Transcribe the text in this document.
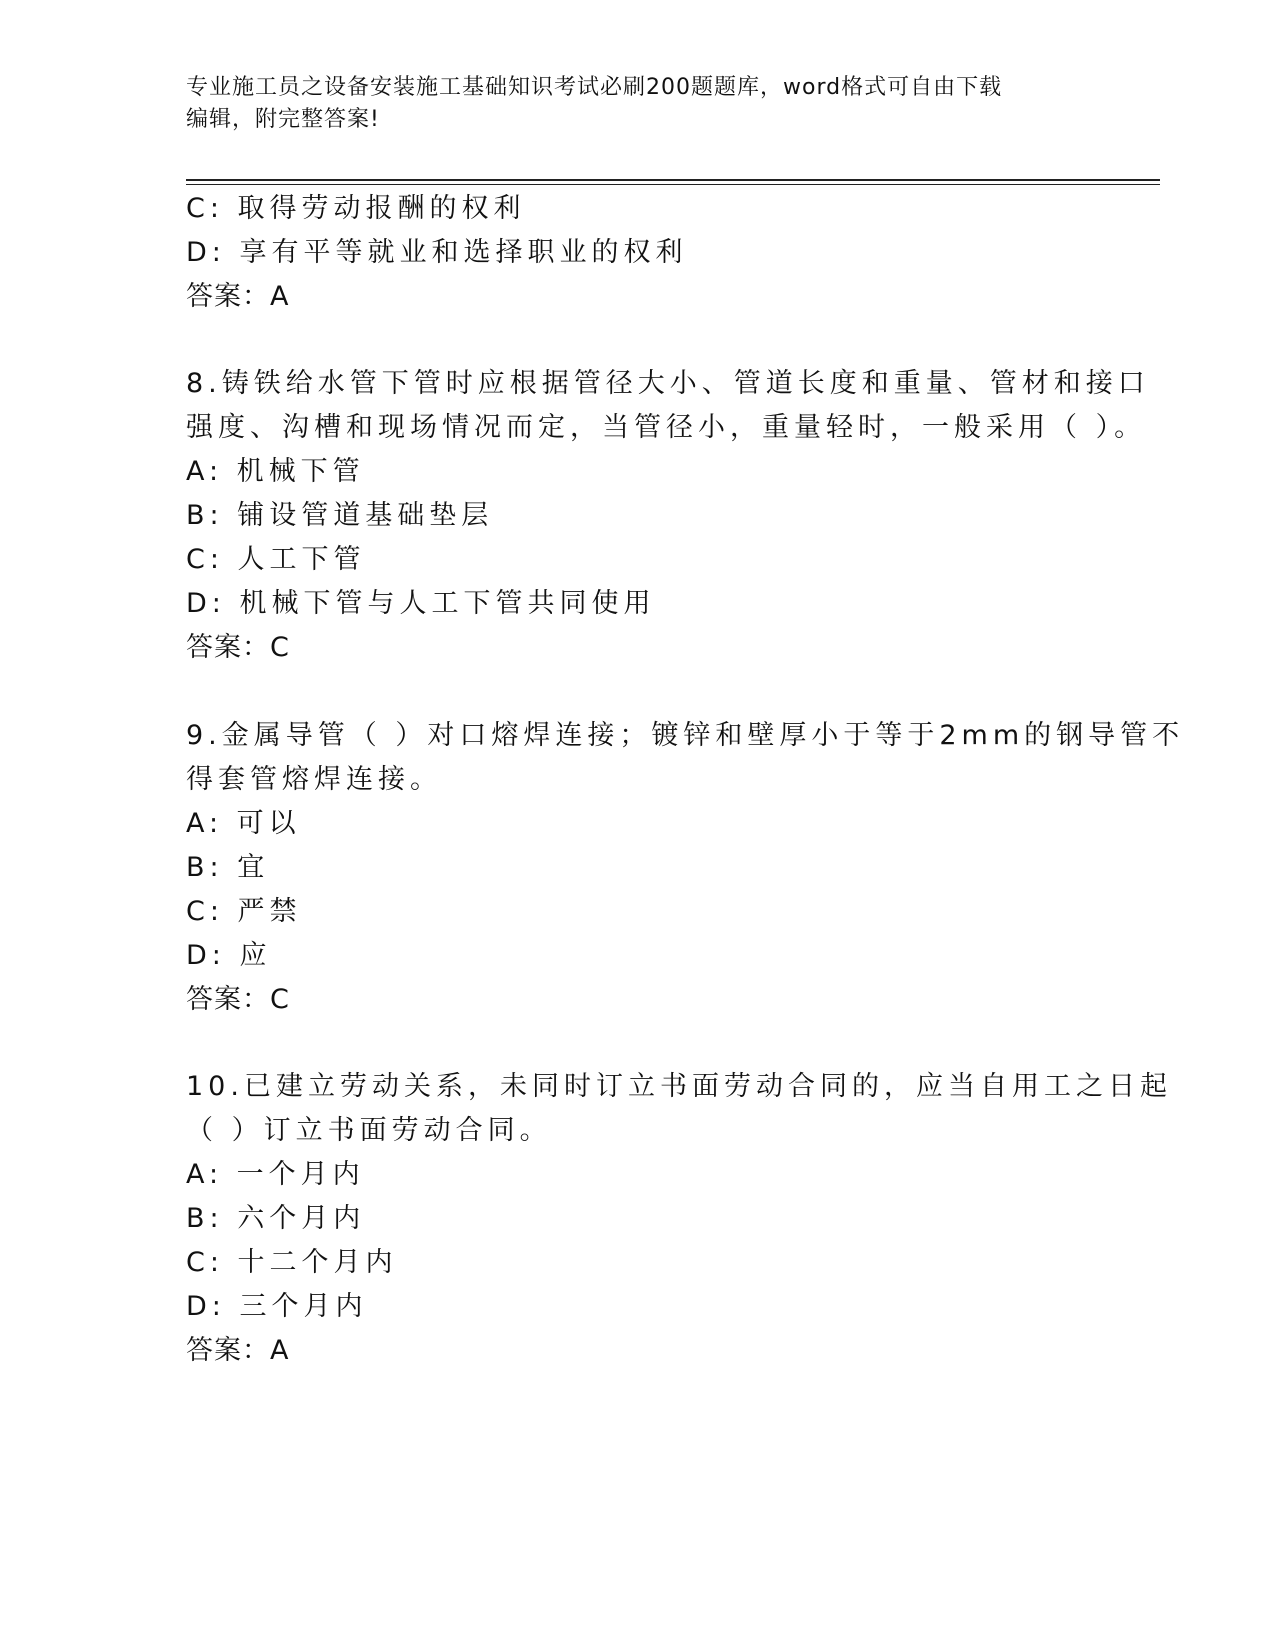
专业施工员之设备安装施工基础知识考试必刷200题题库，word格式可自由下载
编辑，附完整答案!
C: 取得劳动报酬的权利
D: 享有平等就业和选择职业的权利
答案：A
8.铸铁给水管下管时应根据管径大小、管道长度和重量、管材和接口
强度、沟槽和现场情况而定，当管径小，重量轻时，一般采用（ ）。
A: 机械下管
B: 铺设管道基础垫层
C: 人工下管
D: 机械下管与人工下管共同使用
答案：C
9.金属导管（ ）对口熔焊连接；镀锌和壁厚小于等于2mm的钢导管不
得套管熔焊连接。
A: 可以
B: 宜
C: 严禁
D: 应
答案：C
10.已建立劳动关系，未同时订立书面劳动合同的，应当自用工之日起
（ ）订立书面劳动合同。
A: 一个月内
B: 六个月内
C: 十二个月内
D: 三个月内
答案：A
